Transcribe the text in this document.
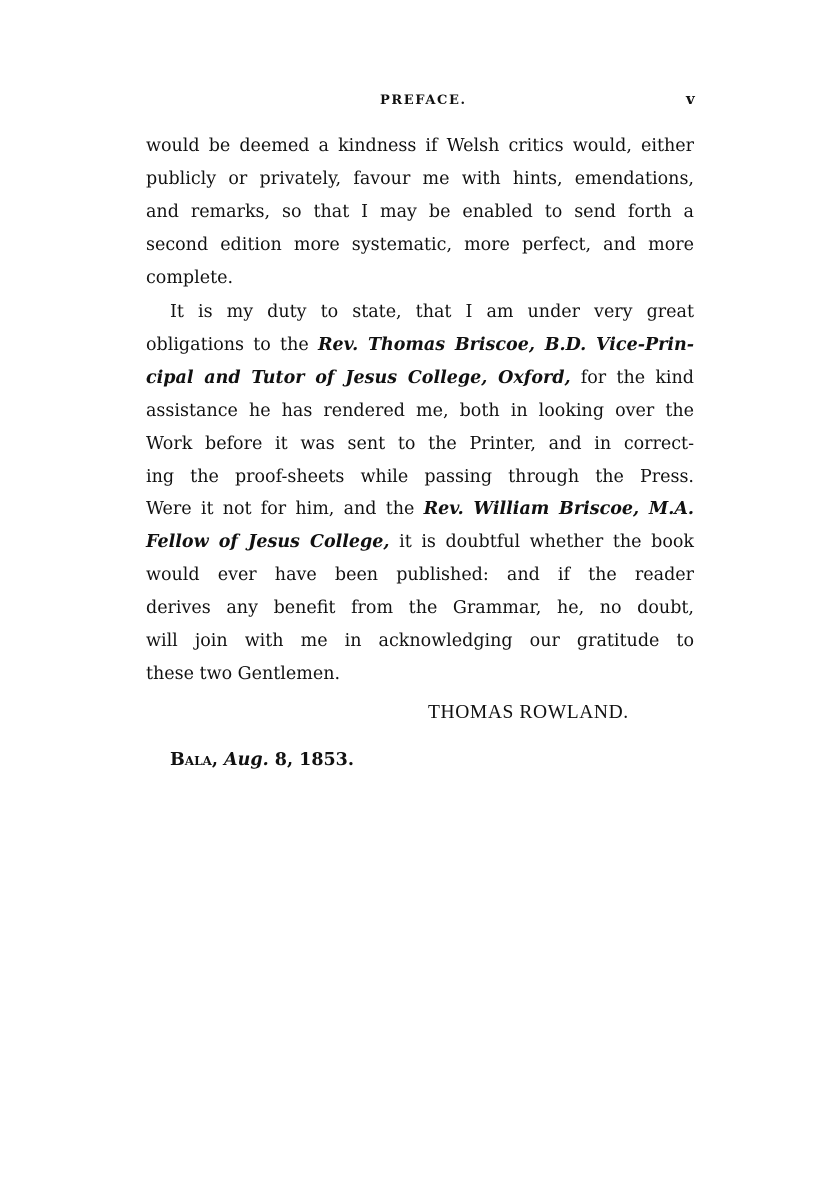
PREFACE.	v
would be deemed a kindness if Welsh critics would, either
publicly or privately, favour me with hints, emendations,
and remarks, so that I may be enabled to send forth a
second edition more systematic, more perfect, and more
complete.
It is my duty to state, that I am under very great
obligations to the Rev. Thomas Briscoe, B.D. Vice-Prin-
cipal and Tutor of Jesus College, Oxford, for the kind
assistance he has rendered me, both in looking over the
Work before it was sent to the Printer, and in correct-
ing the proof-sheets while passing through the Press.
Were it not for him, and the Rev. William Briscoe, M.A.
Fellow of Jesus College, it is doubtful whether the book
would ever have been published: and if the reader
derives any benefit from the Grammar, he, no doubt,
will join with me in acknowledging our gratitude to
these two Gentlemen.
THOMAS ROWLAND.
Bala, Aug. 8, 1853.
